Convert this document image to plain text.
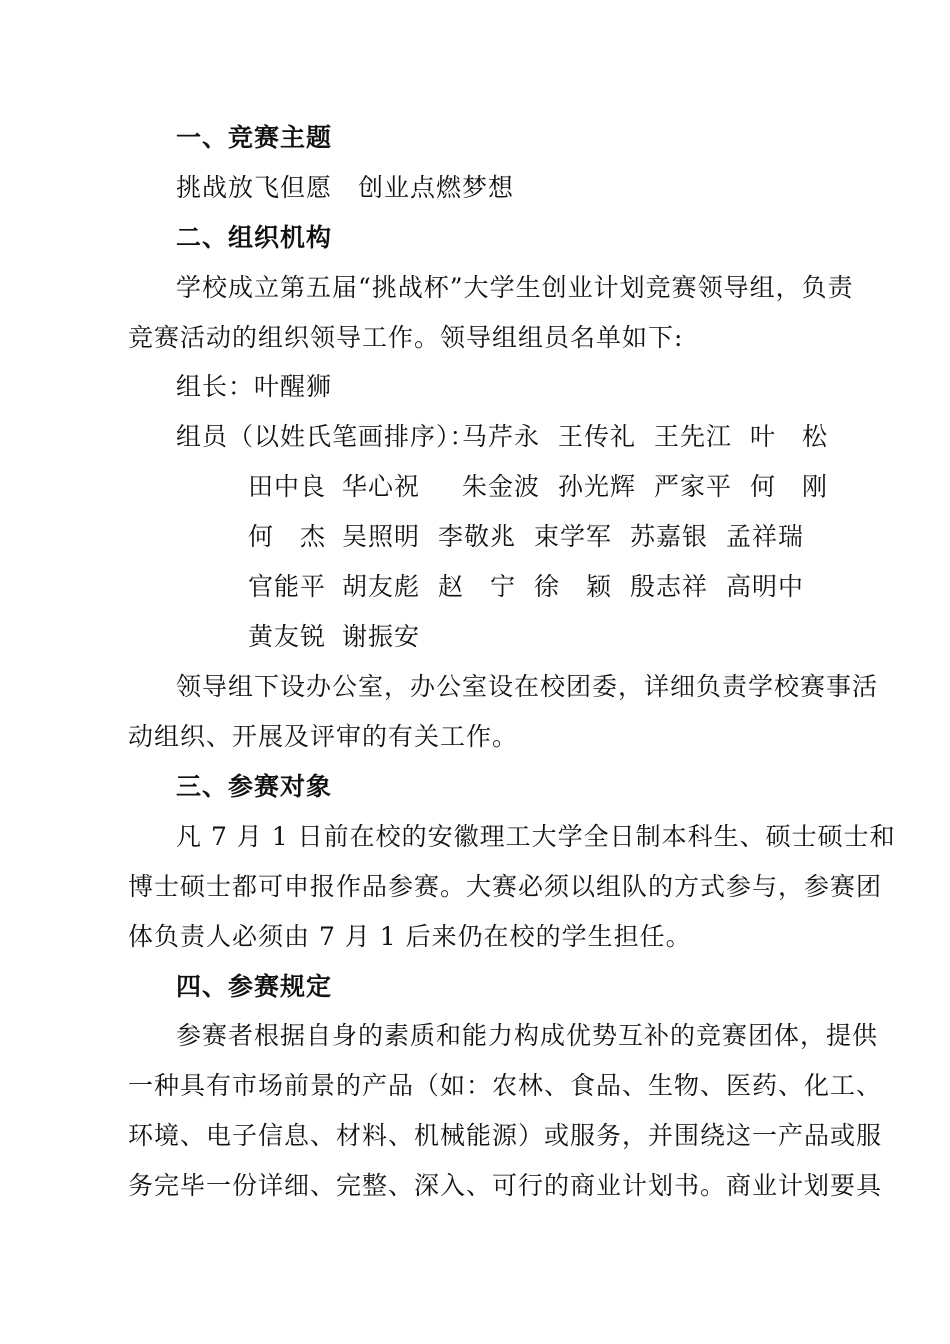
一、竞赛主题
挑战放飞但愿　创业点燃梦想
二、组织机构
学校成立第五届“挑战杯”大学生创业计划竞赛领导组，负责
竞赛活动的组织领导工作。领导组组员名单如下:
组长：叶醒狮
组员（以姓氏笔画排序）：
马芹永 王传礼 王先江 叶　松
田中良 华心祝 朱金波 孙光辉 严家平 何　刚
何　杰 吴照明 李敬兆 束学军 苏嘉银 孟祥瑞
官能平 胡友彪 赵　宁 徐　颖 殷志祥 高明中
黄友锐 谢振安
领导组下设办公室，办公室设在校团委，详细负责学校赛事活
动组织、开展及评审的有关工作。
三、参赛对象
凡 7 月 1 日前在校的安徽理工大学全日制本科生、硕士硕士和
博士硕士都可申报作品参赛。大赛必须以组队的方式参与，参赛团
体负责人必须由 7 月 1 后来仍在校的学生担任。
四、参赛规定
参赛者根据自身的素质和能力构成优势互补的竞赛团体，提供
一种具有市场前景的产品（如：农林、食品、生物、医药、化工、
环境、电子信息、材料、机械能源）或服务，并围绕这一产品或服
务完毕一份详细、完整、深入、可行的商业计划书。商业计划要具
